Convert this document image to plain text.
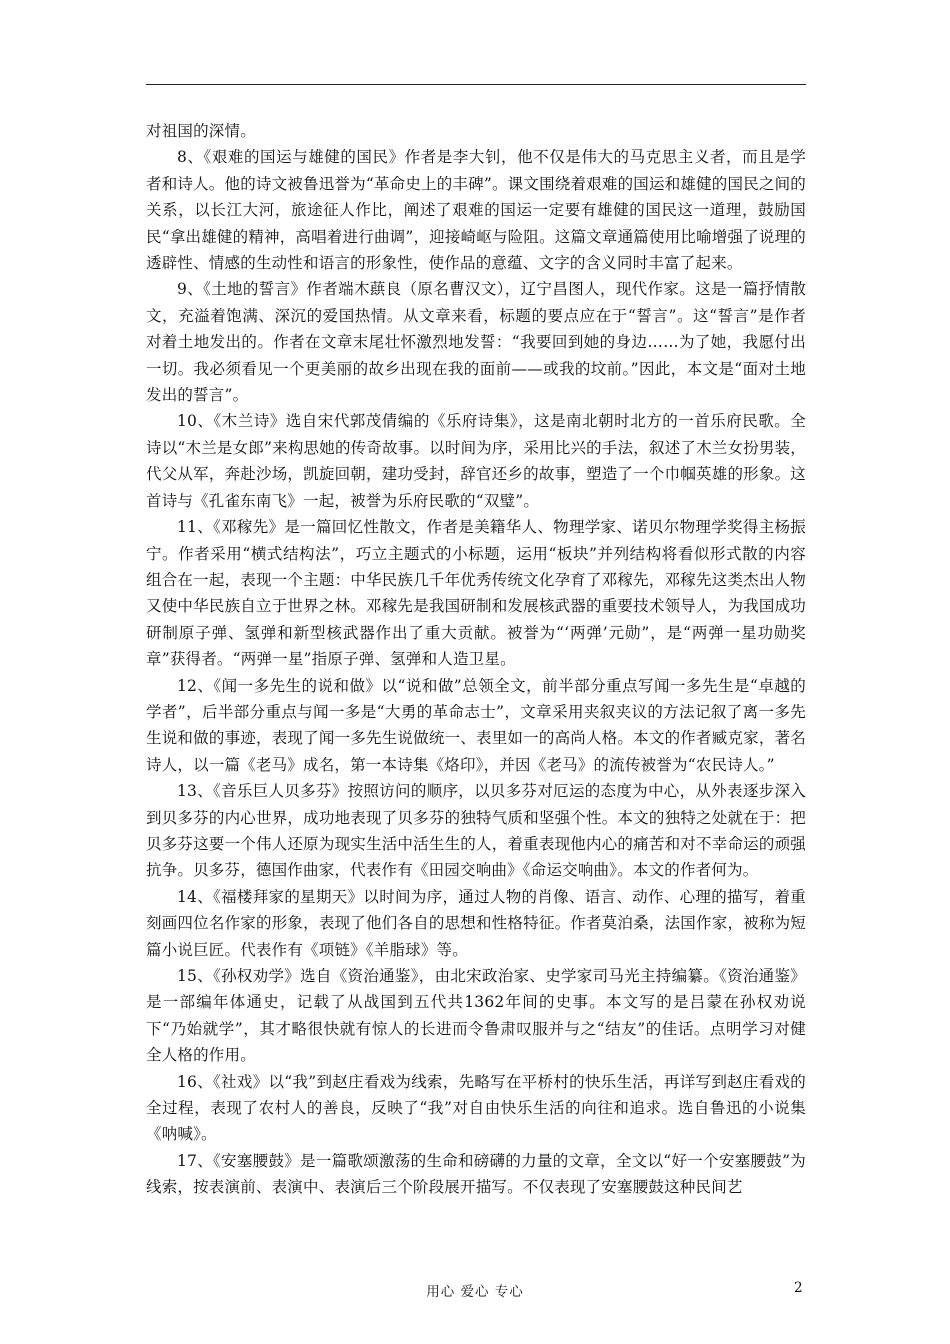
对祖国的深情。

8、《艰难的国运与雄健的国民》作者是李大钊，他不仅是伟大的马克思主义者，而且是学者和诗人。他的诗文被鲁迅誉为“革命史上的丰碑”。课文围绕着艰难的国运和雄健的国民之间的关系，以长江大河，旅途征人作比，阐述了艰难的国运一定要有雄健的国民这一道理，鼓励国民“拿出雄健的精神，高唱着进行曲调”，迎接崎岖与险阻。这篇文章通篇使用比喻增强了说理的透辟性、情感的生动性和语言的形象性，使作品的意蕴、文字的含义同时丰富了起来。

9、《土地的誓言》作者端木蕻良（原名曹汉文），辽宁昌图人，现代作家。这是一篇抒情散文，充溢着饱满、深沉的爱国热情。从文章来看，标题的要点应在于“誓言”。这“誓言”是作者对着土地发出的。作者在文章末尾壮怀激烈地发誓：“我要回到她的身边……为了她，我愿付出一切。我必须看见一个更美丽的故乡出现在我的面前——或我的坟前。”因此，本文是“面对土地发出的誓言”。

10、《木兰诗》选自宋代郭茂倩编的《乐府诗集》，这是南北朝时北方的一首乐府民歌。全诗以“木兰是女郎”来构思她的传奇故事。以时间为序，采用比兴的手法，叙述了木兰女扮男装，代父从军，奔赴沙场，凯旋回朝，建功受封，辞官还乡的故事，塑造了一个巾帼英雄的形象。这首诗与《孔雀东南飞》一起，被誉为乐府民歌的“双璧”。

11、《邓稼先》是一篇回忆性散文，作者是美籍华人、物理学家、诺贝尔物理学奖得主杨振宁。作者采用“横式结构法”，巧立主题式的小标题，运用“板块”并列结构将看似形式散的内容组合在一起，表现一个主题：中华民族几千年优秀传统文化孕育了邓稼先，邓稼先这类杰出人物又使中华民族自立于世界之林。邓稼先是我国研制和发展核武器的重要技术领导人，为我国成功研制原子弹、氢弹和新型核武器作出了重大贡献。被誉为“‘两弹’元勋”，是“两弹一星功勋奖章”获得者。“两弹一星”指原子弹、氢弹和人造卫星。

12、《闻一多先生的说和做》以“说和做”总领全文，前半部分重点写闻一多先生是“卓越的学者”，后半部分重点与闻一多是“大勇的革命志士”，文章采用夹叙夹议的方法记叙了离一多先生说和做的事迹，表现了闻一多先生说做统一、表里如一的高尚人格。本文的作者臧克家，著名诗人，以一篇《老马》成名，第一本诗集《烙印》，并因《老马》的流传被誉为“农民诗人。”

13、《音乐巨人贝多芬》按照访问的顺序，以贝多芬对厄运的态度为中心，从外表逐步深入到贝多芬的内心世界，成功地表现了贝多芬的独特气质和坚强个性。本文的独特之处就在于：把贝多芬这要一个伟人还原为现实生活中活生生的人，着重表现他内心的痛苦和对不幸命运的顽强抗争。贝多芬，德国作曲家，代表作有《田园交响曲》《命运交响曲》。本文的作者何为。

14、《福楼拜家的星期天》以时间为序，通过人物的肖像、语言、动作、心理的描写，着重刻画四位名作家的形象，表现了他们各自的思想和性格特征。作者莫泊桑，法国作家，被称为短篇小说巨匠。代表作有《项链》《羊脂球》等。

15、《孙权劝学》选自《资治通鉴》，由北宋政治家、史学家司马光主持编纂。《资治通鉴》是一部编年体通史，记载了从战国到五代共1362年间的史事。本文写的是吕蒙在孙权劝说下“乃始就学”，其才略很快就有惊人的长进而令鲁肃叹服并与之“结友”的佳话。点明学习对健全人格的作用。

16、《社戏》以“我”到赵庄看戏为线索，先略写在平桥村的快乐生活，再详写到赵庄看戏的全过程，表现了农村人的善良，反映了“我”对自由快乐生活的向往和追求。选自鲁迅的小说集《呐喊》。

17、《安塞腰鼓》是一篇歌颂激荡的生命和磅礴的力量的文章，全文以“好一个安塞腰鼓”为线索，按表演前、表演中、表演后三个阶段展开描写。不仅表现了安塞腰鼓这种民间艺

用心 爱心 专心	2
